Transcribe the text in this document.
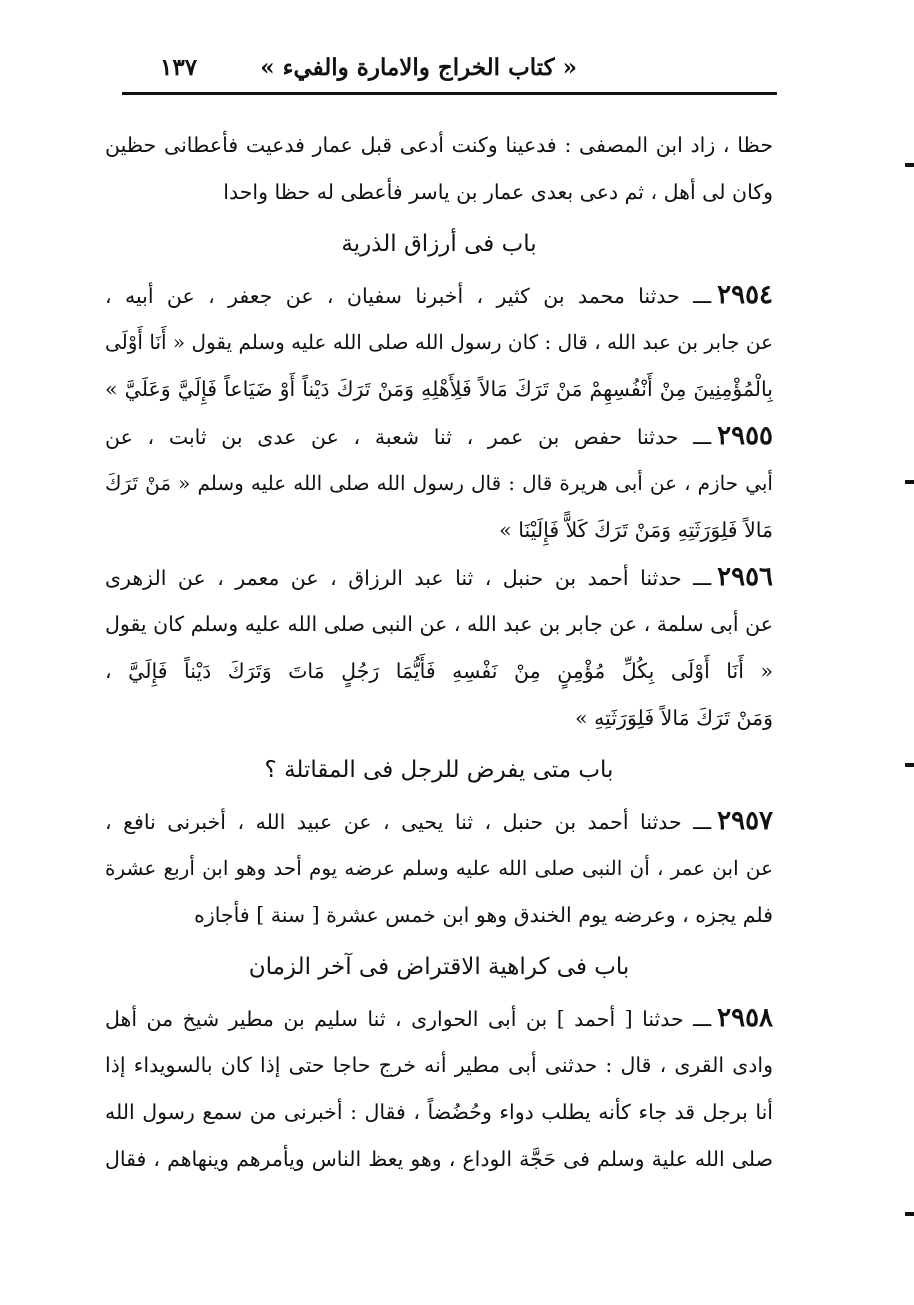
« كتاب الخراج والامارة والفيء »
١٣٧
حظا ، زاد ابن المصفى : فدعينا وكنت أدعى قبل عمار فدعيت فأعطانى حظين
وكان لى أهل ، ثم دعى بعدى عمار بن ياسر فأعطى له حظا واحدا
باب فى أرزاق الذرية
٢٩٥٤ـــ حدثنا محمد بن كثير ، أخبرنا سفيان ، عن جعفر ، عن أبيه ،
عن جابر بن عبد الله ، قال : كان رسول الله صلى الله عليه وسلم يقول « أَنَا أَوْلَى
بِالْمُؤْمِنِينَ مِنْ أَنْفُسِهِمْ مَنْ تَرَكَ مَالاً فَلِأَهْلِهِ وَمَنْ تَرَكَ دَيْناً أَوْ ضَيَاعاً فَإِلَيَّ وَعَلَيَّ »
٢٩٥٥ـــ حدثنا حفص بن عمر ، ثنا شعبة ، عن عدى بن ثابت ، عن
أبي حازم ، عن أبى هريرة قال : قال رسول الله صلى الله عليه وسلم « مَنْ تَرَكَ
مَالاً فَلِوَرَثَتِهِ وَمَنْ تَرَكَ كَلاًّ فَإِلَيْنَا »
٢٩٥٦ـــ حدثنا أحمد بن حنبل ، ثنا عبد الرزاق ، عن معمر ، عن الزهرى
عن أبى سلمة ، عن جابر بن عبد الله ، عن النبى صلى الله عليه وسلم كان يقول
« أَنَا أَوْلَى بِكُلِّ مُؤْمِنٍ مِنْ نَفْسِهِ فَأَيُّمَا رَجُلٍ مَاتَ وَتَرَكَ دَيْناً فَإِلَيَّ ،
وَمَنْ تَرَكَ مَالاً فَلِوَرَثَتِهِ »
باب متى يفرض للرجل فى المقاتلة ؟
٢٩٥٧ـــ حدثنا أحمد بن حنبل ، ثنا يحيى ، عن عبيد الله ، أخبرنى نافع ،
عن ابن عمر ، أن النبى صلى الله عليه وسلم عرضه يوم أحد وهو ابن أربع عشرة
فلم يجزه ، وعرضه يوم الخندق وهو ابن خمس عشرة [ سنة ] فأجازه
باب فى كراهية الاقتراض فى آخر الزمان
٢٩٥٨ـــ حدثنا [ أحمد ] بن أبى الحوارى ، ثنا سليم بن مطير شيخ من أهل
وادى القرى ، قال : حدثنى أبى مطير أنه خرج حاجا حتى إذا كان بالسويداء إذا
أنا برجل قد جاء كأنه يطلب دواء وحُضُضاً ، فقال : أخبرنى من سمع رسول الله
صلى الله علية وسلم فى حَجَّة الوداع ، وهو يعظ الناس ويأمرهم وينهاهم ، فقال
